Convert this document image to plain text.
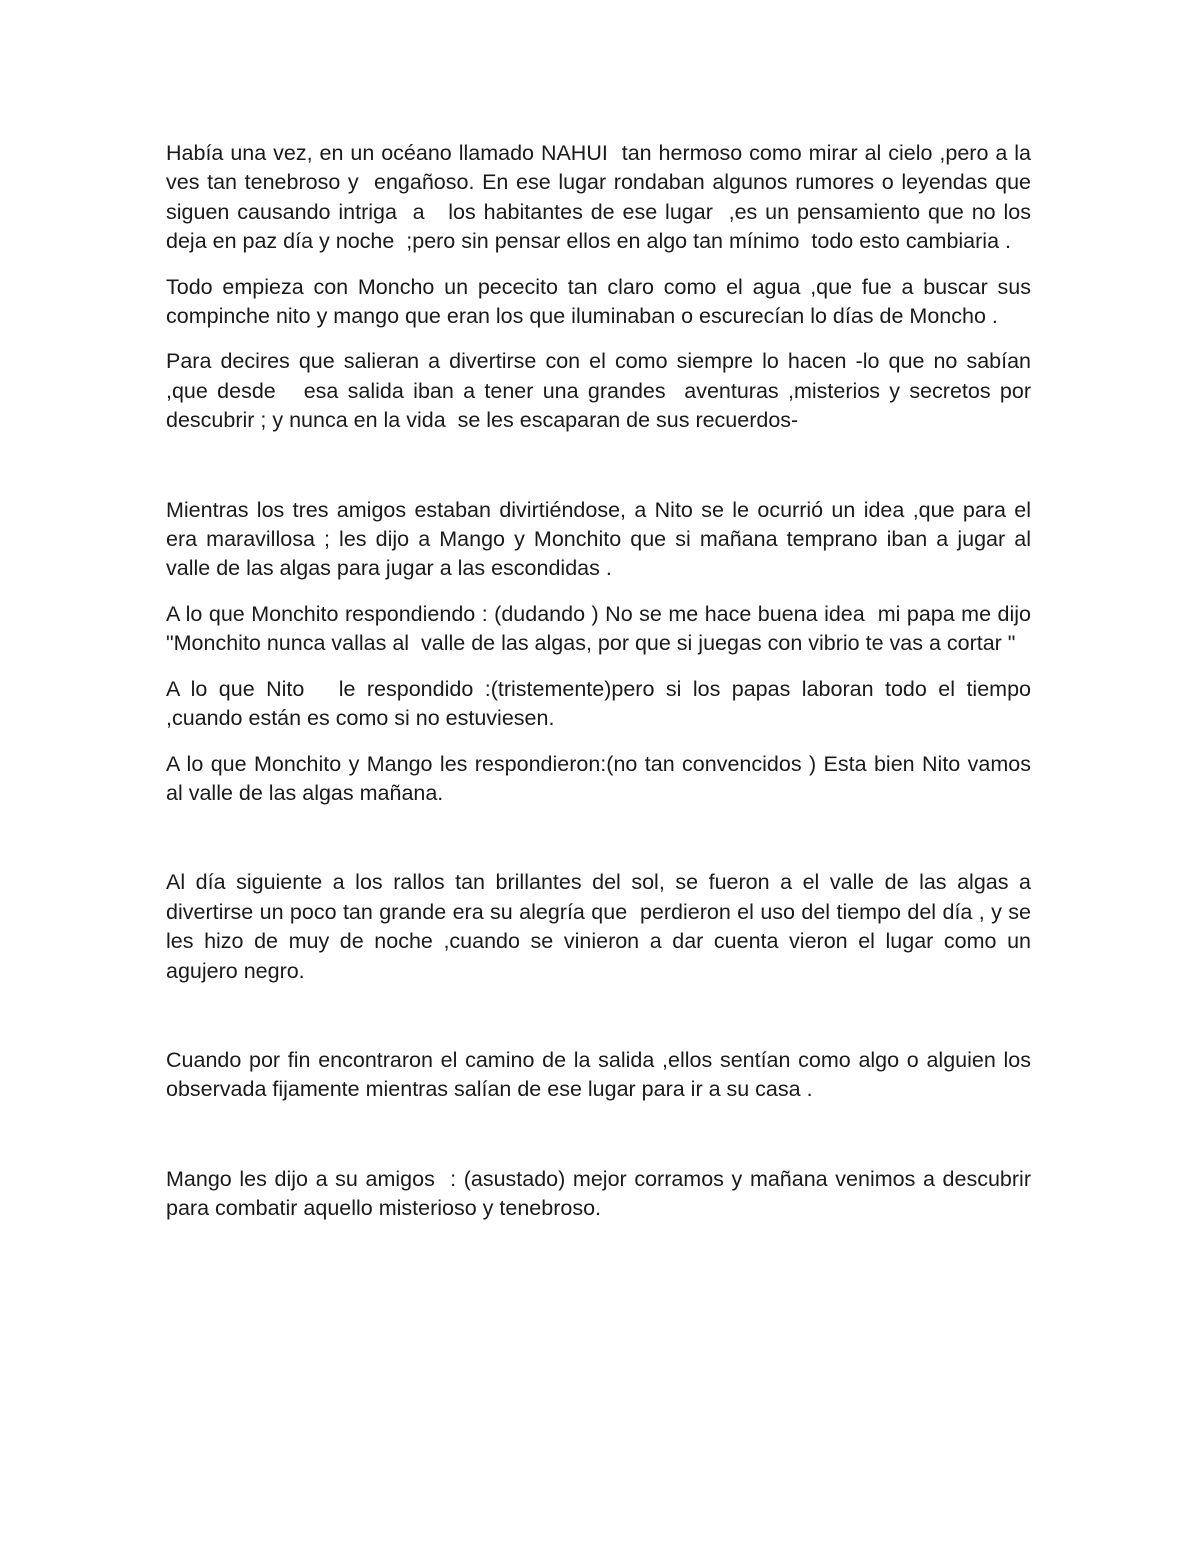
Había una vez, en un océano llamado NAHUI  tan hermoso como mirar al cielo ,pero a la ves tan tenebroso y  engañoso. En ese lugar rondaban algunos rumores o leyendas que siguen causando intriga  a   los habitantes de ese lugar  ,es un pensamiento que no los deja en paz día y noche  ;pero sin pensar ellos en algo tan mínimo  todo esto cambiaria .

Todo empieza con Moncho un pececito tan claro como el agua ,que fue a buscar sus compinche nito y mango que eran los que iluminaban o escurecían lo días de Moncho .

Para decires que salieran a divertirse con el como siempre lo hacen -lo que no sabían ,que desde   esa salida iban a tener una grandes  aventuras ,misterios y secretos por descubrir ; y nunca en la vida  se les escaparan de sus recuerdos-

Mientras los tres amigos estaban divirtiéndose, a Nito se le ocurrió un idea ,que para el  era maravillosa ; les dijo a Mango y Monchito que si mañana temprano iban a jugar al valle de las algas para jugar a las escondidas .

A lo que Monchito respondiendo : (dudando ) No se me hace buena idea  mi papa me dijo "Monchito nunca vallas al  valle de las algas, por que si juegas con vibrio te vas a cortar "

A lo que Nito   le respondido :(tristemente)pero si los papas laboran todo el tiempo ,cuando están es como si no estuviesen.

A lo que Monchito y Mango les respondieron:(no tan convencidos ) Esta bien Nito vamos al valle de las algas mañana.

Al día siguiente a los rallos tan brillantes del sol, se fueron a el valle de las algas a divertirse un poco tan grande era su alegría que  perdieron el uso del tiempo del día , y se les hizo de muy de noche ,cuando se vinieron a dar cuenta vieron el lugar como un  agujero negro.

Cuando por fin encontraron el camino de la salida ,ellos sentían como algo o alguien los observada fijamente mientras salían de ese lugar para ir a su casa .

Mango les dijo a su amigos  : (asustado) mejor corramos y mañana venimos a descubrir  para combatir aquello misterioso y tenebroso.
